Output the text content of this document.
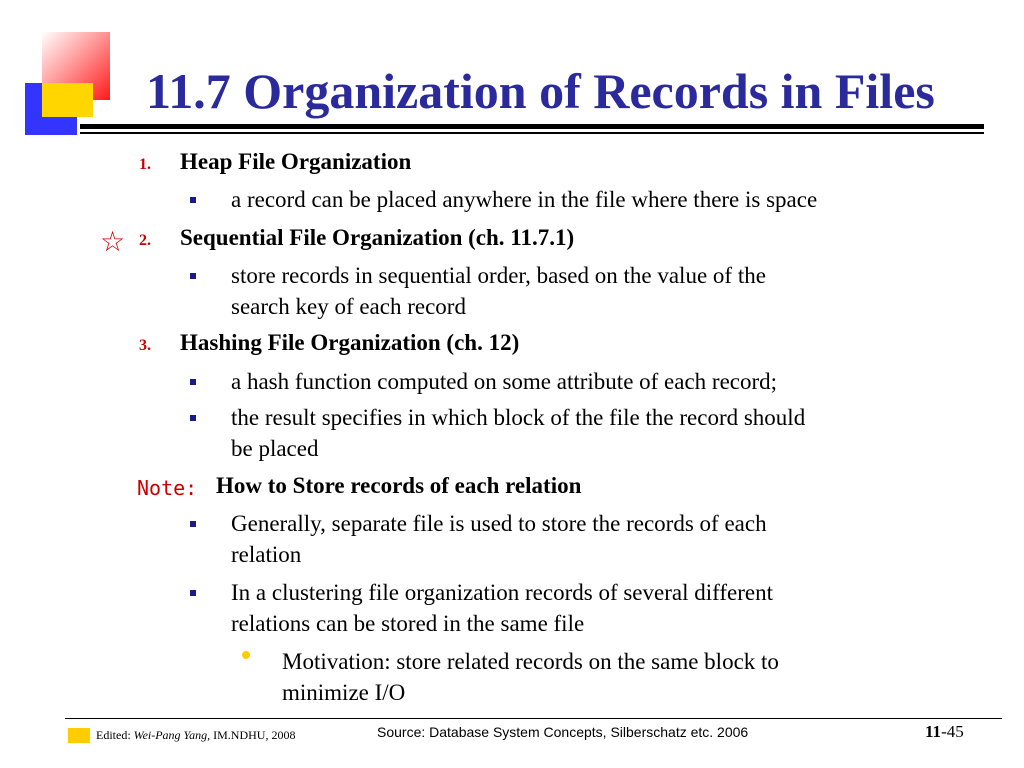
11.7 Organization of Records in Files
1. Heap File Organization
a record can be placed anywhere in the file where there is space
☆ 2. Sequential File Organization (ch. 11.7.1)
store records in sequential order, based on the value of the
search key of each record
3. Hashing File Organization (ch. 12)
a hash function computed on some attribute of each record;
the result specifies in which block of the file the record should
be placed
Note: How to Store records of each relation
Generally, separate file is used to store the records of each
relation
In a clustering file organization records of several different
relations can be stored in the same file
Motivation: store related records on the same block to
minimize I/O
Edited: Wei-Pang Yang, IM.NDHU, 2008	Source: Database System Concepts, Silberschatz etc. 2006	11-45
